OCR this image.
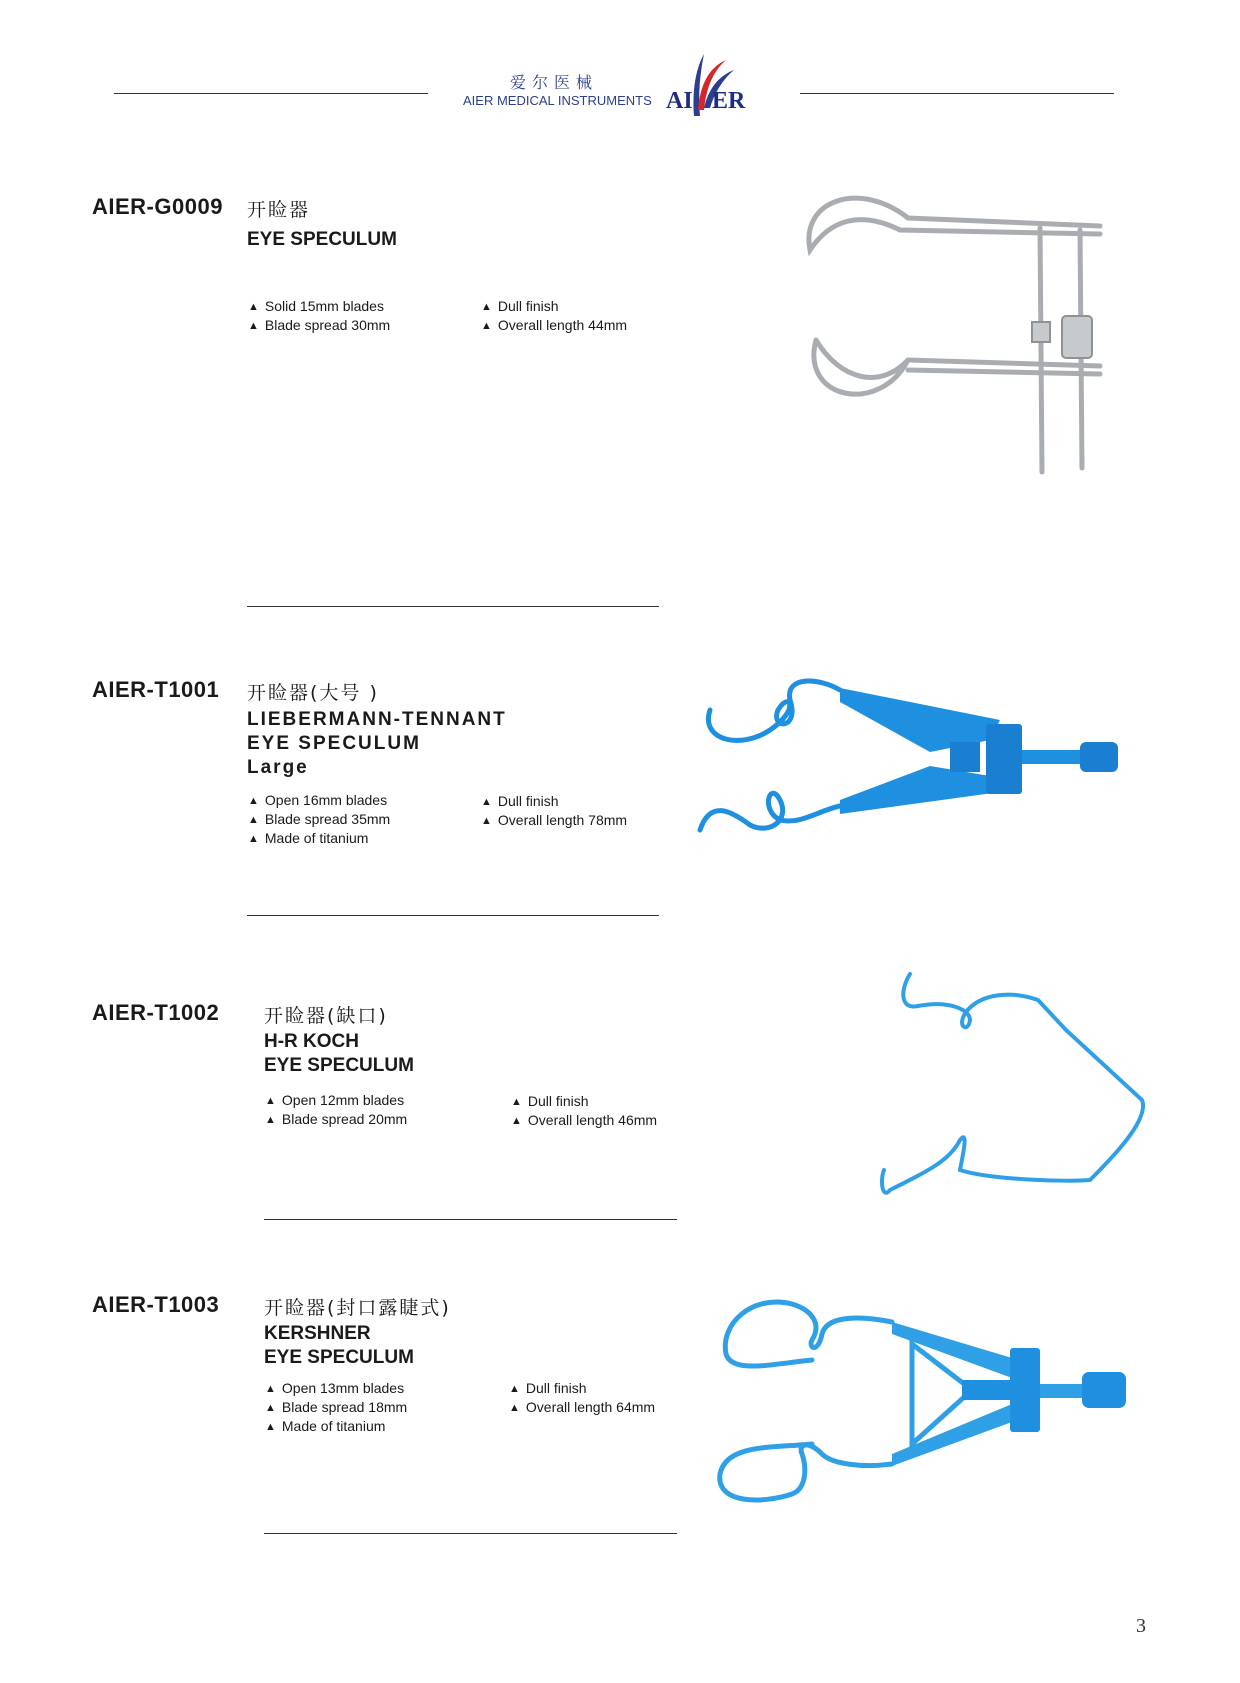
爱尔医械
AIER MEDICAL INSTRUMENTS AI ER
AIER-G0009 开睑器
EYE SPECULUM
▲ Solid 15mm blades
▲ Blade spread 30mm
▲ Dull finish
▲ Overall length 44mm
AIER-T1001 开睑器(大号 )
LIEBERMANN-TENNANT
EYE SPECULUM
Large
▲ Open 16mm blades
▲ Blade spread 35mm
▲ Made of titanium
▲ Dull finish
▲ Overall length 78mm
AIER-T1002 开睑器(缺口)
H-R KOCH
EYE SPECULUM
▲ Open 12mm blades
▲ Blade spread 20mm
▲ Dull finish
▲ Overall length 46mm
AIER-T1003 开睑器(封口露睫式)
KERSHNER
EYE SPECULUM
▲ Open 13mm blades
▲ Blade spread 18mm
▲ Made of titanium
▲ Dull finish
▲ Overall length 64mm
3
